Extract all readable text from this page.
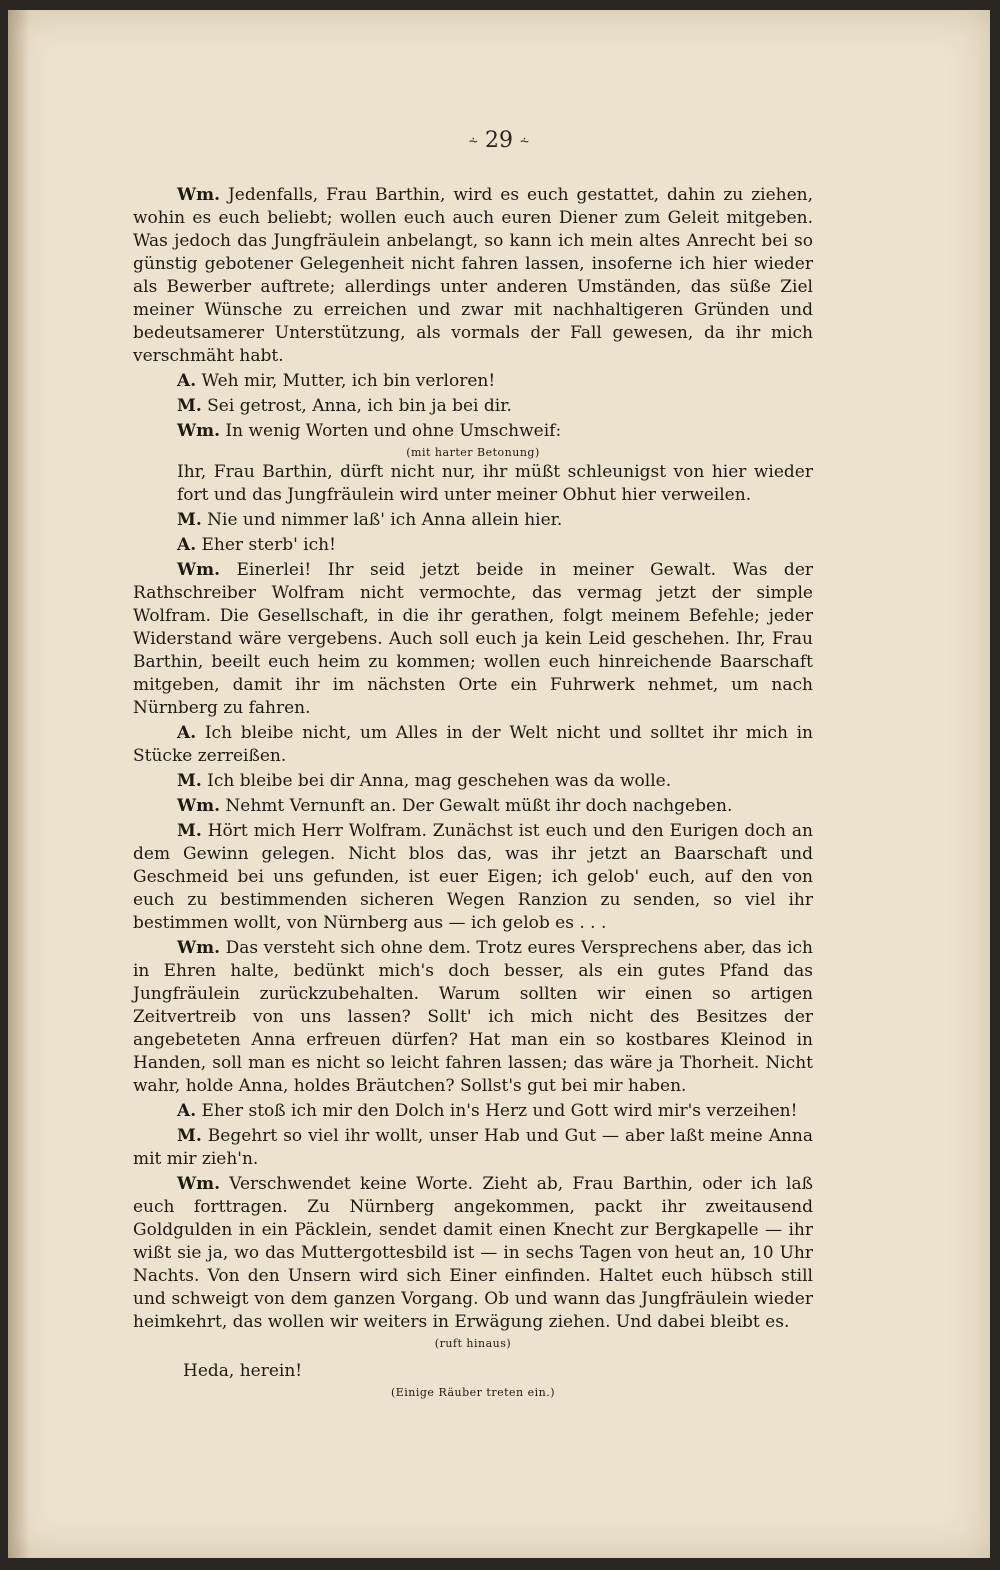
⸞ 29 ⸞

Wm. Jedenfalls, Frau Barthin, wird es euch gestattet, dahin zu ziehen, wohin es euch beliebt; wollen euch auch euren Diener zum Geleit mitgeben. Was jedoch das Jungfräulein anbelangt, so kann ich mein altes Anrecht bei so günstig gebotener Gelegenheit nicht fahren lassen, insoferne ich hier wieder als Bewerber auftrete; allerdings unter anderen Umständen, das süße Ziel meiner Wünsche zu erreichen und zwar mit nachhaltigeren Gründen und bedeutsamerer Unterstützung, als vormals der Fall gewesen, da ihr mich verschmäht habt.

A. Weh mir, Mutter, ich bin verloren!

M. Sei getrost, Anna, ich bin ja bei dir.

Wm. In wenig Worten und ohne Umschweif:

(mit harter Betonung)

Ihr, Frau Barthin, dürft nicht nur, ihr müßt schleunigst von hier wieder fort und das Jungfräulein wird unter meiner Obhut hier verweilen.

M. Nie und nimmer laß' ich Anna allein hier.

A. Eher sterb' ich!

Wm. Einerlei! Ihr seid jetzt beide in meiner Gewalt. Was der Rathschreiber Wolfram nicht vermochte, das vermag jetzt der simple Wolfram. Die Gesellschaft, in die ihr gerathen, folgt meinem Befehle; jeder Widerstand wäre vergebens. Auch soll euch ja kein Leid geschehen. Ihr, Frau Barthin, beeilt euch heim zu kommen; wollen euch hinreichende Baarschaft mitgeben, damit ihr im nächsten Orte ein Fuhrwerk nehmet, um nach Nürnberg zu fahren.

A. Ich bleibe nicht, um Alles in der Welt nicht und solltet ihr mich in Stücke zerreißen.

M. Ich bleibe bei dir Anna, mag geschehen was da wolle.

Wm. Nehmt Vernunft an. Der Gewalt müßt ihr doch nachgeben.

M. Hört mich Herr Wolfram. Zunächst ist euch und den Eurigen doch an dem Gewinn gelegen. Nicht blos das, was ihr jetzt an Baarschaft und Geschmeid bei uns gefunden, ist euer Eigen; ich gelob' euch, auf den von euch zu bestimmenden sicheren Wegen Ranzion zu senden, so viel ihr bestimmen wollt, von Nürnberg aus — ich gelob es . . .

Wm. Das versteht sich ohne dem. Trotz eures Versprechens aber, das ich in Ehren halte, bedünkt mich's doch besser, als ein gutes Pfand das Jungfräulein zurückzubehalten. Warum sollten wir einen so artigen Zeitvertreib von uns lassen? Sollt' ich mich nicht des Besitzes der angebeteten Anna erfreuen dürfen? Hat man ein so kostbares Kleinod in Handen, soll man es nicht so leicht fahren lassen; das wäre ja Thorheit. Nicht wahr, holde Anna, holdes Bräutchen? Sollst's gut bei mir haben.

A. Eher stoß ich mir den Dolch in's Herz und Gott wird mir's verzeihen!

M. Begehrt so viel ihr wollt, unser Hab und Gut — aber laßt meine Anna mit mir zieh'n.

Wm. Verschwendet keine Worte. Zieht ab, Frau Barthin, oder ich laß euch forttragen. Zu Nürnberg angekommen, packt ihr zweitausend Goldgulden in ein Päcklein, sendet damit einen Knecht zur Bergkapelle — ihr wißt sie ja, wo das Muttergottesbild ist — in sechs Tagen von heut an, 10 Uhr Nachts. Von den Unsern wird sich Einer einfinden. Haltet euch hübsch still und schweigt von dem ganzen Vorgang. Ob und wann das Jungfräulein wieder heimkehrt, das wollen wir weiters in Erwägung ziehen. Und dabei bleibt es.

(ruft hinaus)

Heda, herein!

(Einige Räuber treten ein.)
